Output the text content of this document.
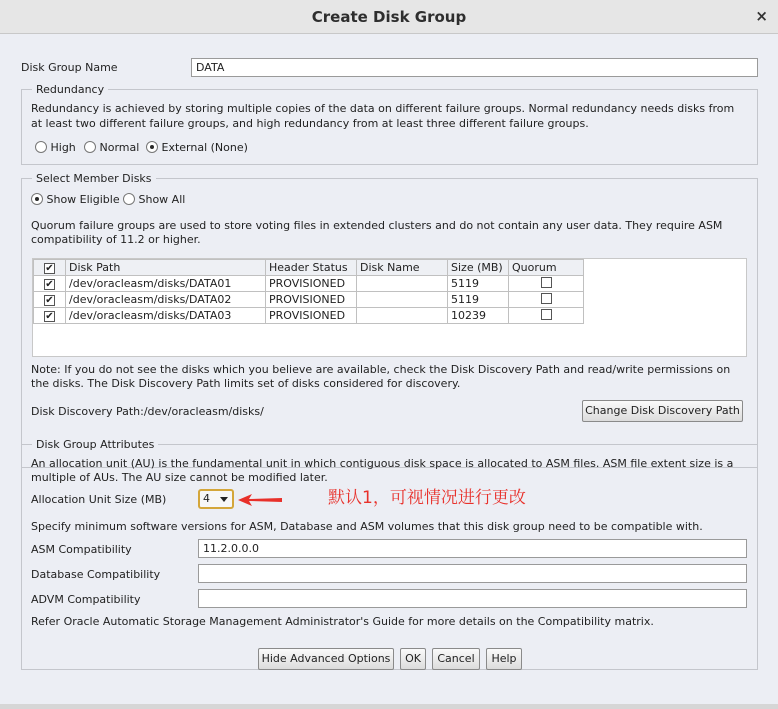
Create Disk Group	×
Disk Group Name	DATA
Redundancy
Redundancy is achieved by storing multiple copies of the data on different failure groups. Normal redundancy needs disks from at least two different failure groups, and high redundancy from at least three different failure groups.
High	Normal	External (None)
Select Member Disks
Show Eligible	Show All
Quorum failure groups are used to store voting files in extended clusters and do not contain any user data. They require ASM compatibility of 11.2 or higher.
✔	Disk Path	Header Status	Disk Name	Size (MB)	Quorum
✔	/dev/oracleasm/disks/DATA01	PROVISIONED		5119	
✔	/dev/oracleasm/disks/DATA02	PROVISIONED		5119	
✔	/dev/oracleasm/disks/DATA03	PROVISIONED		10239	
Note: If you do not see the disks which you believe are available, check the Disk Discovery Path and read/write permissions on the disks. The Disk Discovery Path limits set of disks considered for discovery.
Disk Discovery Path:/dev/oracleasm/disks/	Change Disk Discovery Path
Disk Group Attributes
An allocation unit (AU) is the fundamental unit in which contiguous disk space is allocated to ASM files. ASM file extent size is a multiple of AUs. The AU size cannot be modified later.
Allocation Unit Size (MB)	4	默认1，可视情况进行更改
Specify minimum software versions for ASM, Database and ASM volumes that this disk group need to be compatible with.
ASM Compatibility	11.2.0.0.0
Database Compatibility
ADVM Compatibility
Refer Oracle Automatic Storage Management Administrator's Guide for more details on the Compatibility matrix.
Hide Advanced Options	OK	Cancel	Help
